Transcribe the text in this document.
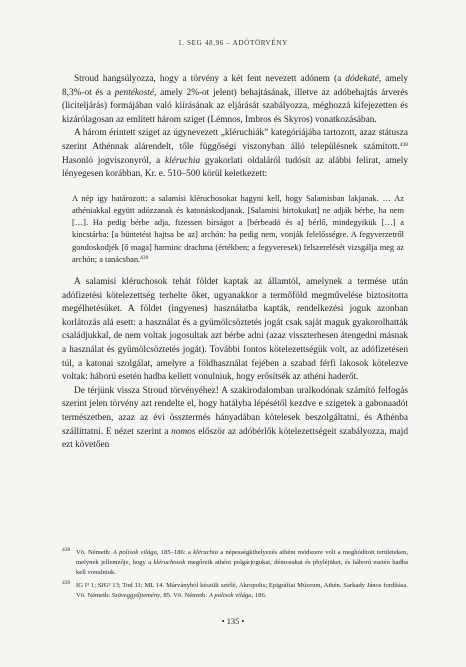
1. SEG 48,96 – ADÓTÖRVÉNY

Stroud hangsúlyozza, hogy a törvény a két fent nevezett adónem (a dódekaté, amely 8,3%-ot és a pentékosté, amely 2%-ot jelent) behajtásának, illetve az adóbehajtás árverés (liciteljárás) formájában való kiírásának az eljárását szabályozza, méghozzá kifejezetten és kizárólagosan az említett három sziget (Lémnos, Imbros és Skyros) vonatkozásában.

A három érintett sziget az úgynevezett „kléruchiák” kategóriájába tartozott, azaz státusza szerint Athénnak alárendelt, tőle függőségi viszonyban álló településnek számított.$^{438}$ Hasonló jogviszonyról, a kléruchia gyakorlati oldaláról tudósít az alábbi felirat, amely lényegesen korábban, Kr. e. 510–500 körül keletkezett:

A nép így határozott: a salamisi kléruchosokat hagyni kell, hogy Salamisban lakjanak. … Az athéniakkal együtt adózzanak és katonáskodjanak. [Salamisi birtokukat] ne adják bérbe, ha nem […]. Ha pedig bérbe adja, fizessen bírságot a [bérbeadó és a] bérlő, mindegyikük […] a kincstárba: [a büntetést hajtsa be az] archón: ha pedig nem, vonják felelősségre. A fegyverzetről gondoskodjék [ő maga] harminc drachma (értékben; a fegyveresek) felszerelését vizsgálja meg az archón; a tanácsban.$^{439}$

A salamisi kléruchosok tehát földet kaptak az államtól, amelynek a termése után adófizetési kötelezettség terhelte őket, ugyanakkor a termőföld megművelése biztosította megélhetésüket. A földet (ingyenes) használatba kapták, rendelkezési joguk azonban korlátozás alá esett: a használat és a gyümölcsöztetés jogát csak saját maguk gyakorolhatták családjukkal, de nem voltak jogosultak azt bérbe adni (azaz visszterhesen átengedni másnak a használat és gyümölcsöztetés jogát). További fontos kötelezettségük volt, az adófizetésen túl, a katonai szolgálat, amelyre a földhasználat fejében a szabad férfi lakosok kötelezve voltak: háború esetén hadba kellett vonulniuk, hogy erősítsék az athéni haderőt.

De térjünk vissza Stroud törvényéhez! A szakirodalomban uralkodónak számító felfogás szerint jelen törvény azt rendelte el, hogy hatályba lépésétől kezdve e szigetek a gabonaadót természetben, azaz az évi össztermés hányadában kötelesek beszolgáltatni, és Athénba szállíttatni. E nézet szerint a nomos először az adóbérlők kötelezettségeit szabályozza, majd ezt követően

$^{438}$ Vö. Németh: A polisok világa, 185–186: a kléruchia a népességkihelyezés athéni módszere volt a meghódított területeken, melynek jellemzője, hogy a kléruchosok megőrzik athéni polgárjogukat, démosukat és phyléjüket, és háború esetén hadba kell vonulniuk.

$^{439}$ IG I³ 1; SIG³ 13; Tod 11; ML 14. Márványból készült sztélé, Akropolis; Epigráfiai Múzeum, Athén. Sarkady János fordítása. Vö. Németh: Szöveggyűjtemény, 85. Vö. Németh: A polisok világa, 186.

• 135 •
